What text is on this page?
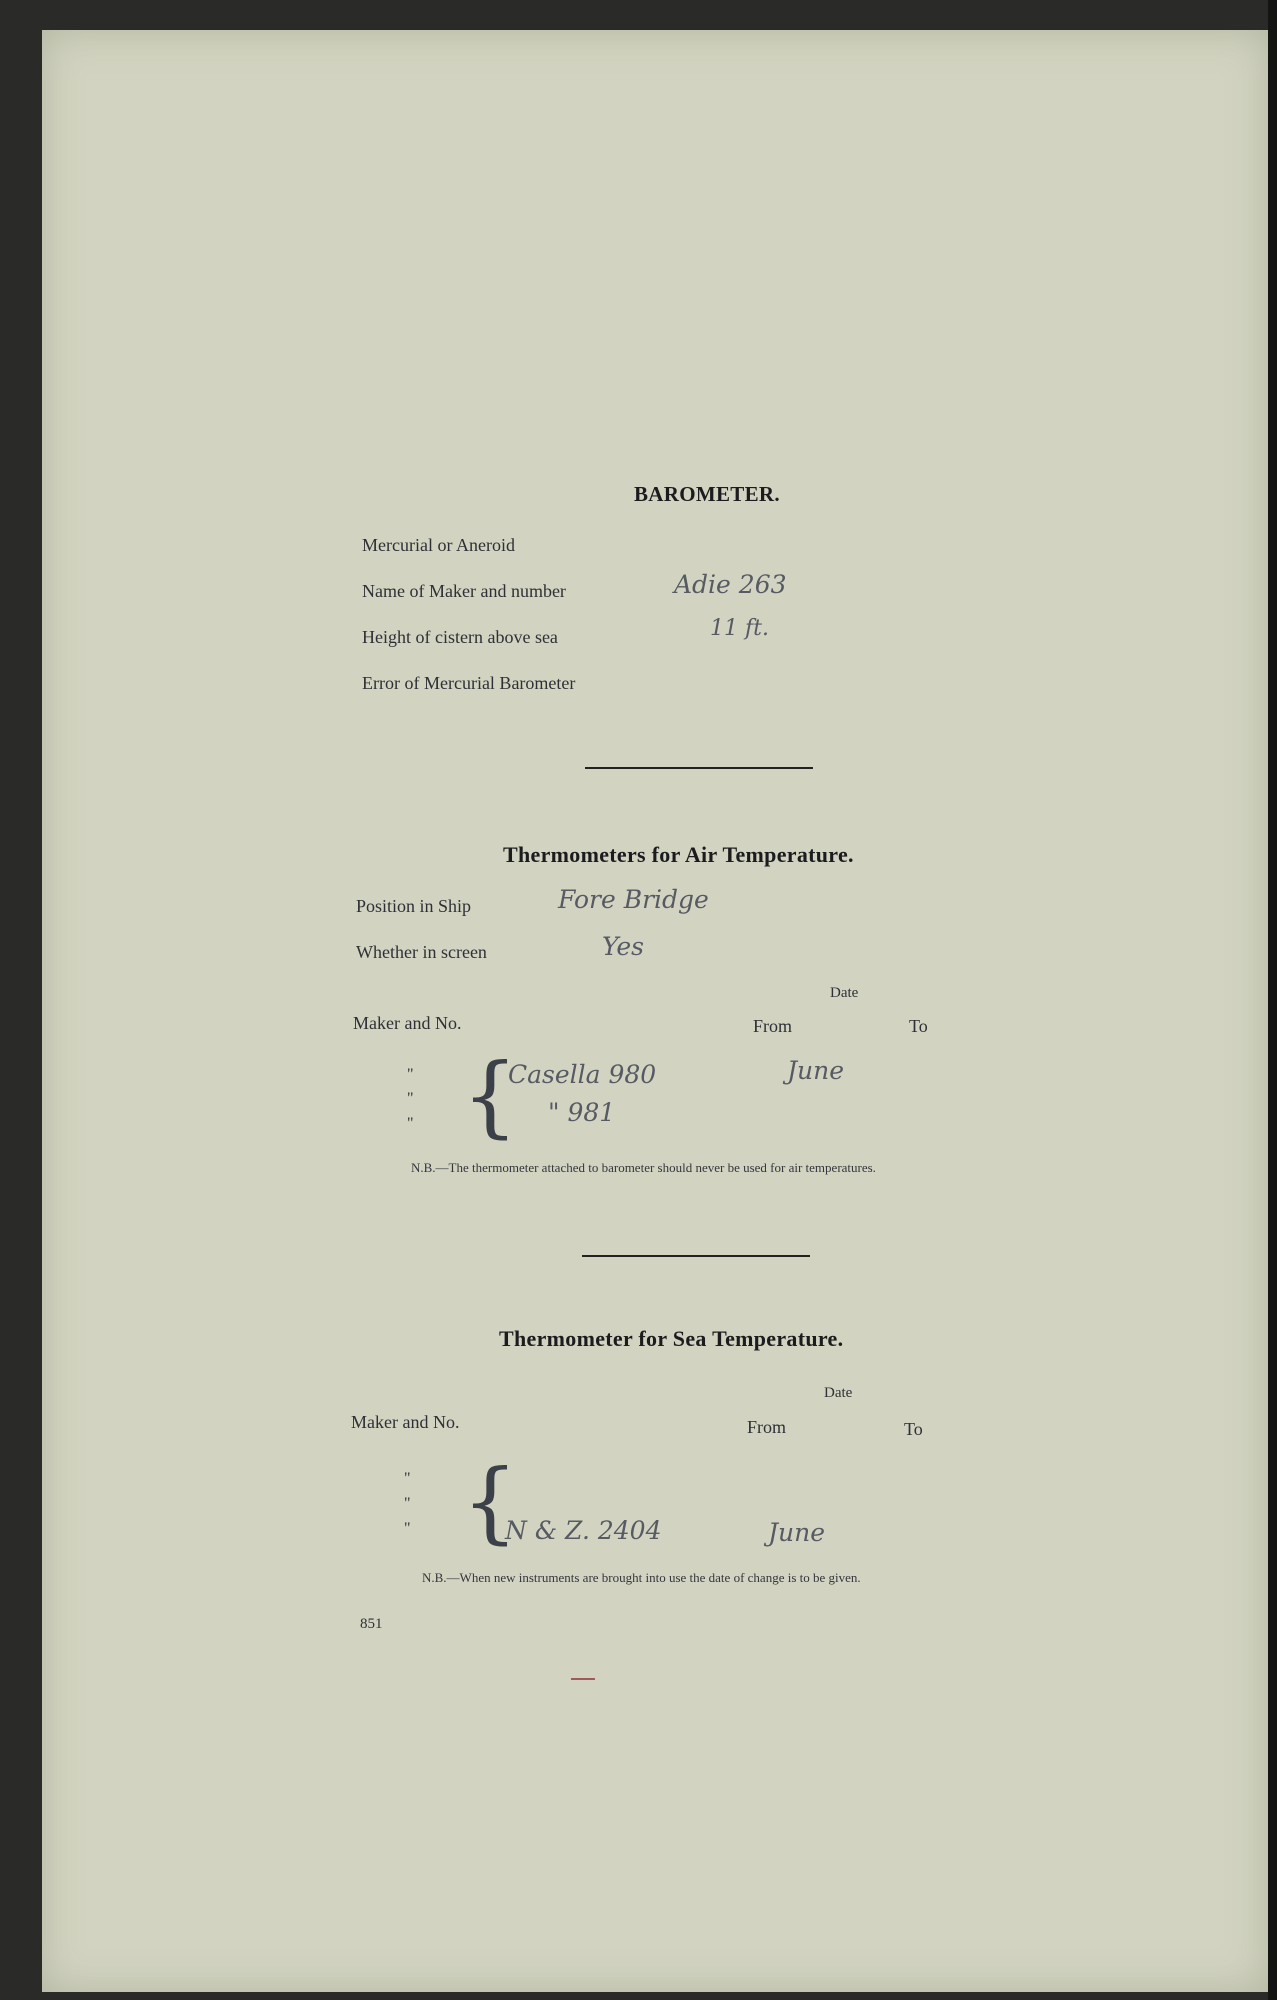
BAROMETER.
Mercurial or Aneroid
Name of Maker and number	Adie 263
Height of cistern above sea	11 ft.
Error of Mercurial Barometer
Thermometers for Air Temperature.
Position in Ship	Fore Bridge
Whether in screen	Yes
Date
Maker and No.	From	To
"
"
" {
Casella 980	June
" 981
N.B.—The thermometer attached to barometer should never be used for air temperatures.
Thermometer for Sea Temperature.
Date
Maker and No.	From	To
"
"
" {
N & Z. 2404	June
N.B.—When new instruments are brought into use the date of change is to be given.
851
